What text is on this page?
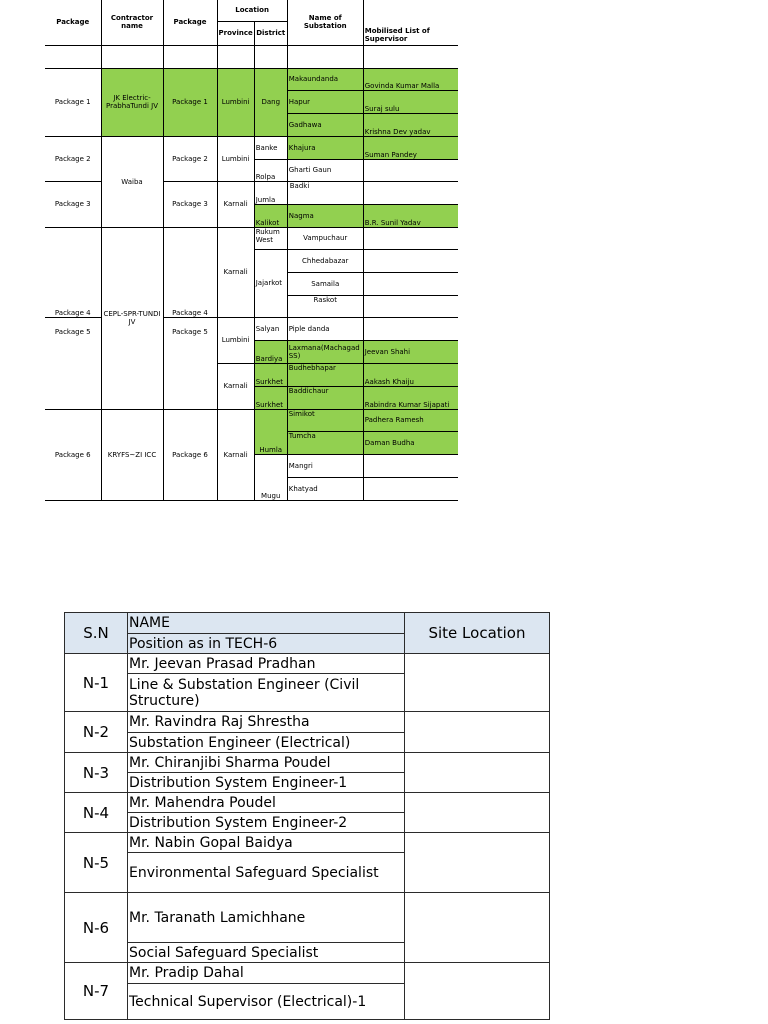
Package	Contractor name	Package	Location		Name of Substation	Mobilised List of Supervisor
			Province	District		

Package 1	JK Electric-PrabhaTundi JV	Package 1	Lumbini	Dang	Makaundanda	Govinda Kumar Malla
					Hapur	Suraj sulu
					Gadhawa	Krishna Dev yadav
Package 2	Waiba	Package 2	Lumbini	Banke	Khajura	Suman Pandey
				Rolpa	Gharti Gaun	
Package 3		Package 3	Karnali	Jumla	Badki	
				Kalikot	Nagma	B.R. Sunil Yadav
Package 4	CEPL-SPR-TUNDI JV	Package 4	Karnali	Rukum West	Vampuchaur	
				Jajarkot	Chhedabazar	
					Samaila	
					Raskot	

Package 5		Package 5	Lumbini	Salyan	Piple danda	
				Bardiya	Laxmana(Machagad SS)	Jeevan Shahi
			Karnali	Surkhet	Budhebhapar	Aakash Khaiju
				Surkhet	Baddichaur	Rabindra Kumar Sijapati
Package 6	KRYFS~ZI ICC	Package 6	Karnali	Humla	Simikot	Padhera Ramesh
					Tumcha	Daman Budha
				Mugu	Mangri	
					Khatyad	
S.N	NAME	Site Location
	Position as in TECH-6	
N-1	Mr. Jeevan Prasad Pradhan	
	Line & Substation Engineer (Civil Structure)	
N-2	Mr. Ravindra Raj Shrestha	
	Substation Engineer (Electrical)	
N-3	Mr. Chiranjibi Sharma Poudel	
	Distribution System Engineer-1	
N-4	Mr. Mahendra Poudel	
	Distribution System Engineer-2	
N-5	Mr. Nabin Gopal Baidya	
	Environmental Safeguard Specialist	
N-6	Mr. Taranath Lamichhane	
	Social Safeguard Specialist	
N-7	Mr. Pradip Dahal	
	Technical Supervisor (Electrical)-1	
